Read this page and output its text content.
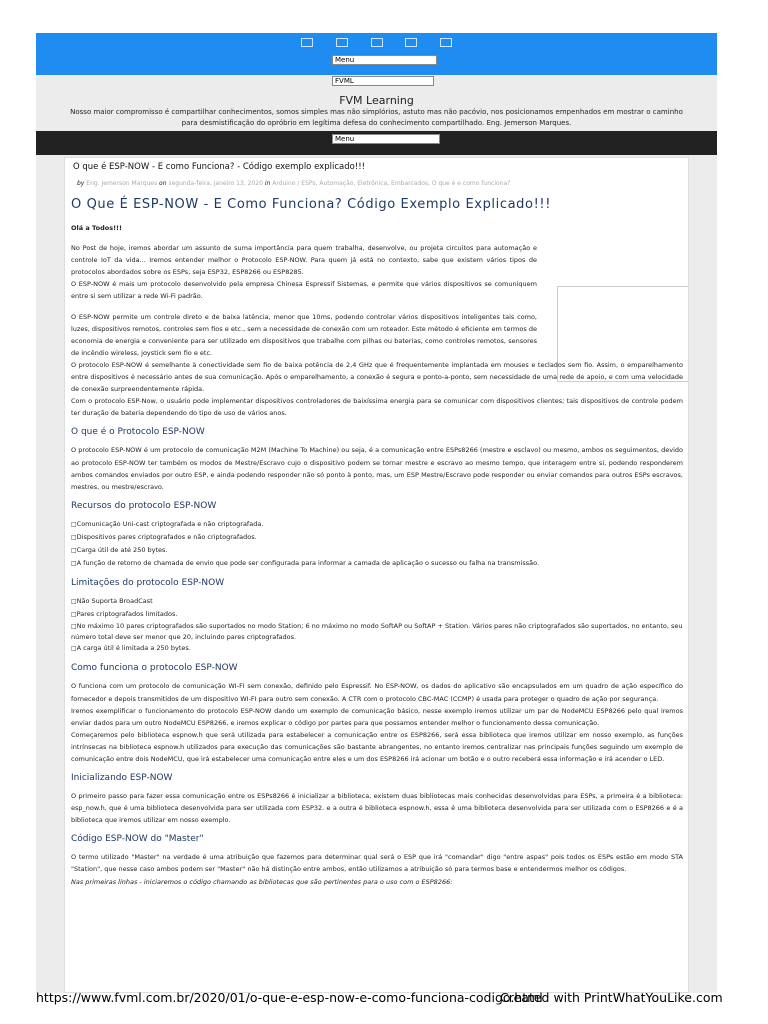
Menu
FVML
FVM Learning
Nosso maior compromisso é compartilhar conhecimentos, somos simples mas não simplórios, astuto mas não pacóvio, nos posicionamos empenhados em mostrar o caminho para desmistificação do opróbrio em legítima defesa do conhecimento compartilhado. Eng. Jemerson Marques.
Menu
O que é ESP-NOW - E como Funciona? - Código exemplo explicado!!!
by Eng. Jemerson Marques on segunda-feira, janeiro 13, 2020 in Arduino / ESPs, Automação, Eletrônica, Embarcados, O que é e como funciona?
O Que É ESP-NOW - E Como Funciona? Código Exemplo Explicado!!!

Olá a Todos!!!

No Post de hoje, iremos abordar um assunto de suma importância para quem trabalha, desenvolve, ou projeta circuitos para automação e controle IoT da vida... Iremos entender melhor o Protocolo ESP-NOW. Para quem já está no contexto, sabe que existem vários tipos de protocolos abordados sobre os ESPs, seja ESP32, ESP8266 ou ESP8285.

O ESP-NOW é mais um protocolo desenvolvido pela empresa Chinesa Espressif Sistemas, e permite que vários dispositivos se comuniquem entre si sem utilizar a rede Wi-Fi padrão.

O ESP-NOW permite um controle direto e de baixa latência, menor que 10ms, podendo controlar vários dispositivos inteligentes tais como, luzes, dispositivos remotos, controles sem fios e etc., sem a necessidade de conexão com um roteador. Este método é eficiente em termos de economia de energia e conveniente para ser utilizado em dispositivos que trabalhe com pilhas ou baterias, como controles remotos, sensores de incêndio wireless, joystick sem fio e etc.

O protocolo ESP-NOW é semelhante à conectividade sem fio de baixa potência de 2,4 GHz que é frequentemente implantada em mouses e teclados sem fio. Assim, o emparelhamento entre dispositivos é necessário antes de sua comunicação. Após o emparelhamento, a conexão é segura e ponto-a-ponto, sem necessidade de uma rede de apoio, e com uma velocidade de conexão surpreendentemente rápida.

Com o protocolo ESP-Now, o usuário pode implementar dispositivos controladores de baixíssima energia para se comunicar com dispositivos clientes; tais dispositivos de controle podem ter duração de bateria dependendo do tipo de uso de vários anos.

O que é o Protocolo ESP-NOW

O protocolo ESP-NOW é um protocolo de comunicação M2M (Machine To Machine) ou seja, é a comunicação entre ESPs8266 (mestre e esclavo) ou mesmo, ambos os seguimentos, devido ao protocolo ESP-NOW ter também os modos de Mestre/Escravo cujo o dispositivo podem se tornar mestre e escravo ao mesmo tempo, que interagem entre si, podendo responderem ambos comandos enviados por outro ESP, e ainda podendo responder não só ponto à ponto, mas, um ESP Mestre/Escravo pode responder ou enviar comandos para outros ESPs escravos, mestres, ou mestre/escravo.

Recursos do protocolo ESP-NOW
□ Comunicação Uni-cast criptografada e não criptografada.
□ Dispositivos pares criptografados e não criptografados.
□ Carga útil de até 250 bytes.
□ A função de retorno de chamada de envio que pode ser configurada para informar a camada de aplicação o sucesso ou falha na transmissão.
Limitações do protocolo ESP-NOW
□ Não Suporta BroadCast
□ Pares criptografados limitados.
□ No máximo 10 pares criptografados são suportados no modo Station; 6 no máximo no modo SoftAP ou SoftAP + Station. Vários pares não criptografados são suportados, no entanto, seu número total deve ser menor que 20, incluindo pares criptografados.
□ A carga útil é limitada a 250 bytes.
Como funciona o protocolo ESP-NOW

O funciona com um protocolo de comunicação WI-FI sem conexão, definido pelo Espressif. No ESP-NOW, os dados do aplicativo são encapsulados em um quadro de ação específico do fornecedor e depois transmitidos de um dispositivo WI-FI para outro sem conexão. A CTR com o protocolo CBC-MAC (CCMP) é usada para proteger o quadro de ação por segurança.

Iremos exemplificar o funcionamento do protocolo ESP-NOW dando um exemplo de comunicação básico, nesse exemplo iremos utilizar um par de NodeMCU ESP8266 pelo qual iremos enviar dados para um outro NodeMCU ESP8266, e iremos explicar o código por partes para que possamos entender melhor o funcionamento dessa comunicação.

Começaremos pelo biblioteca espnow.h que será utilizada para estabelecer a comunicação entre os ESP8266, será essa biblioteca que iremos utilizar em nosso exemplo, as funções intrínsecas na biblioteca espnow.h utilizados para execução das comunicações são bastante abrangentes, no entanto iremos centralizar nas principais funções seguindo um exemplo de comunicação entre dois NodeMCU, que irá estabelecer uma comunicação entre eles e um dos ESP8266 irá acionar um botão e o outro receberá essa informação e irá acender o LED.

Inicializando ESP-NOW

O primeiro passo para fazer essa comunicação entre os ESPs8266 é inicializar a biblioteca, existem duas bibliotecas mais conhecidas desenvolvidas para ESPs, a primeira é a biblioteca: esp_now.h, que é uma biblioteca desenvolvida para ser utilizada com ESP32. e a outra é biblioteca espnow.h, essa é uma biblioteca desenvolvida para ser utilizada com o ESP8266 e é a biblioteca que iremos utilizar em nosso exemplo.

Código ESP-NOW do "Master"

O termo utilizado "Master" na verdade é uma atribuição que fazemos para determinar qual será o ESP que irá "comandar" digo "entre aspas" pois todos os ESPs estão em modo STA "Station", que nesse caso ambos podem ser "Master" não há distinção entre ambos, então utilizamos a atribuição só para termos base e entendermos melhor os códigos.

Nas primeiras linhas - iniciaremos o código chamando as bibliotecas que são pertinentes para o uso com o ESP8266:

https://www.fvml.com.br/2020/01/o-que-e-esp-now-e-como-funciona-codigo.html
Created with PrintWhatYouLike.com
